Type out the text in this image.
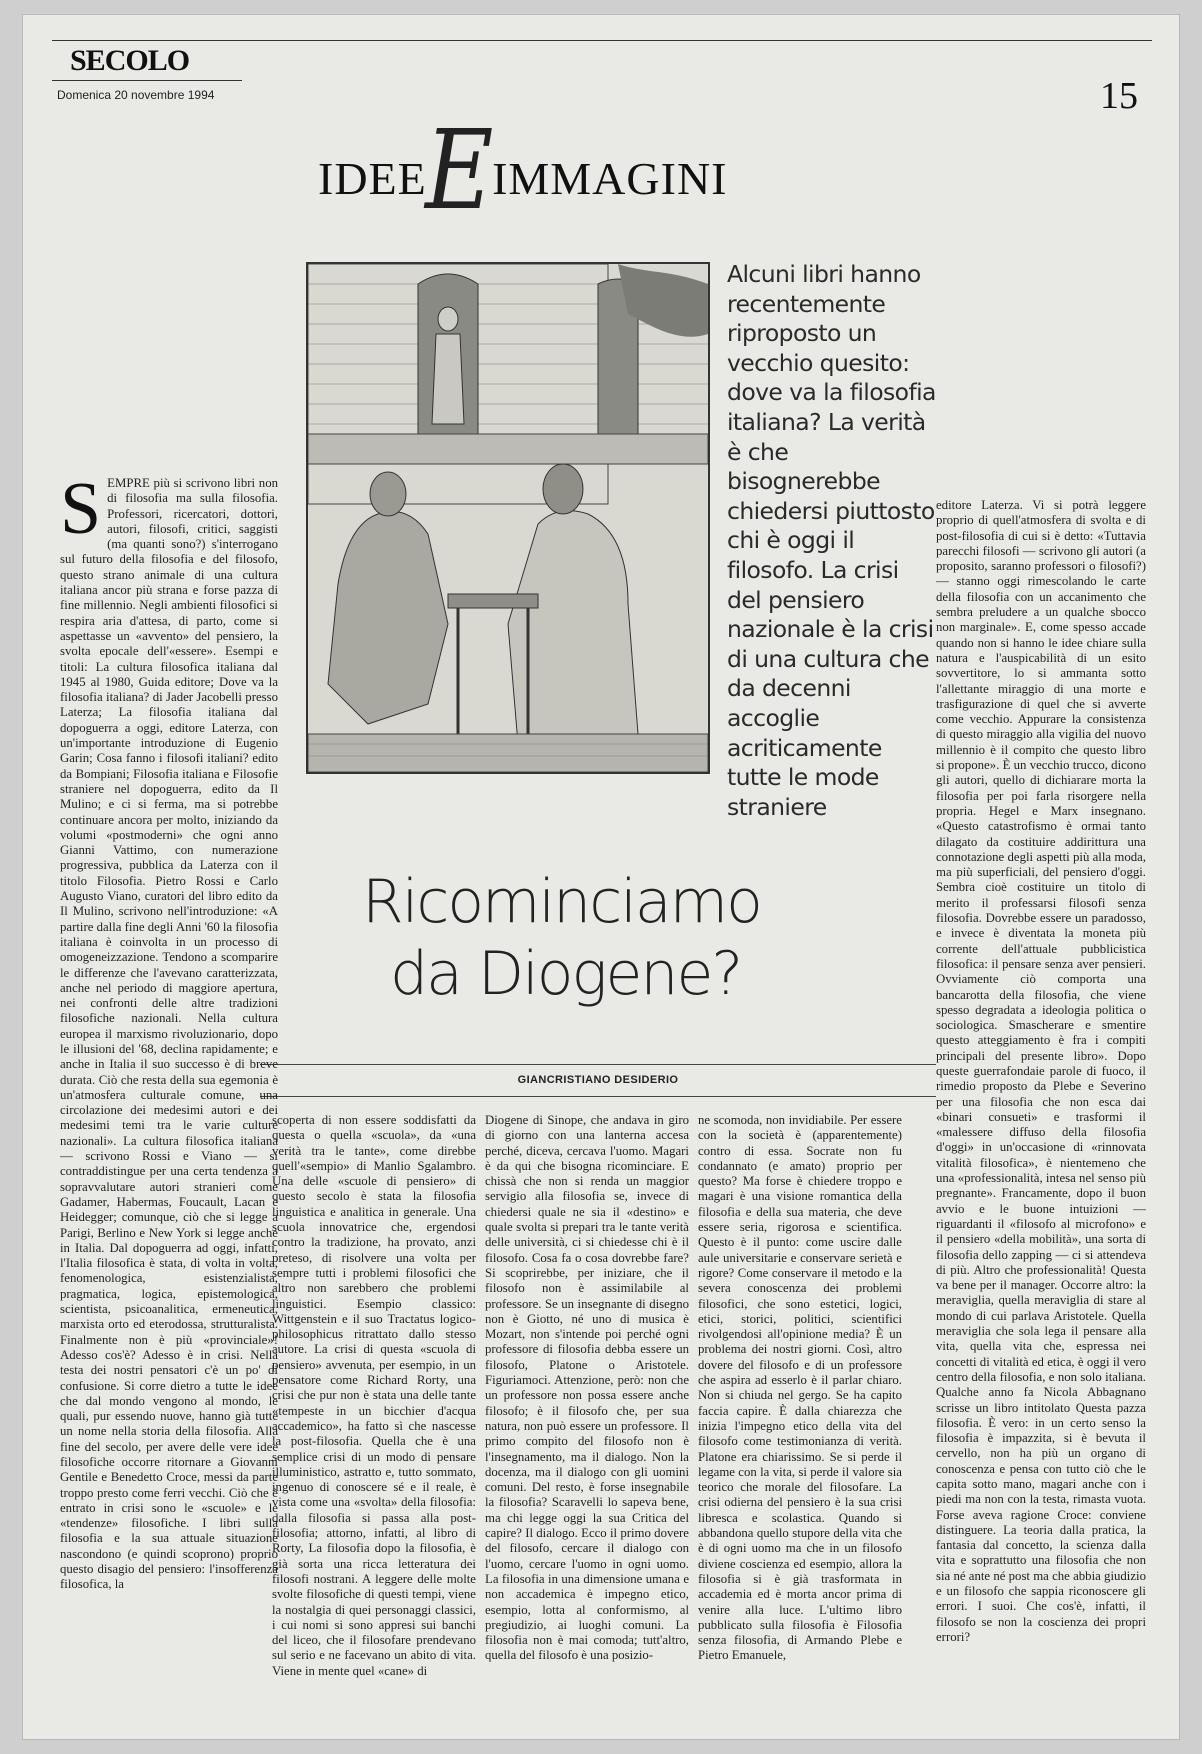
SECOLO
Domenica 20 novembre 1994
IDEEEIMMAGINI
15
Alcuni libri hanno recentemente riproposto un vecchio quesito: dove va la filosofia italiana? La verità è che bisognerebbe chiedersi piuttosto chi è oggi il filosofo. La crisi del pensiero nazionale è la crisi di una cultura che da decenni accoglie acriticamente tutte le mode straniere
Ricominciamo
da Diogene?
GIANCRISTIANO DESIDERIO
S EMPRE più si scrivono libri non di filosofia ma sulla filosofia. Professori, ricercatori, dottori, autori, filosofi, critici, saggisti (ma quanti sono?) s'interrogano sul futuro della filosofia e del filosofo, questo strano animale di una cultura italiana ancor più strana e forse pazza di fine millennio. Negli ambienti filosofici si respira aria d'attesa, di parto, come si aspettasse un «avvento» del pensiero, la svolta epocale dell'«essere». Esempi e titoli: La cultura filosofica italiana dal 1945 al 1980, Guida editore; Dove va la filosofia italiana? di Jader Jacobelli presso Laterza; La filosofia italiana dal dopoguerra a oggi, editore Laterza, con un'importante introduzione di Eugenio Garin; Cosa fanno i filosofi italiani? edito da Bompiani; Filosofia italiana e Filosofie straniere nel dopoguerra, edito da Il Mulino; e ci si ferma, ma si potrebbe continuare ancora per molto, iniziando da volumi «postmoderni» che ogni anno Gianni Vattimo, con numerazione progressiva, pubblica da Laterza con il titolo Filosofia. Pietro Rossi e Carlo Augusto Viano, curatori del libro edito da Il Mulino, scrivono nell'introduzione: «A partire dalla fine degli Anni '60 la filosofia italiana è coinvolta in un processo di omogeneizzazione. Tendono a scomparire le differenze che l'avevano caratterizzata, anche nel periodo di maggiore apertura, nei confronti delle altre tradizioni filosofiche nazionali. Nella cultura europea il marxismo rivoluzionario, dopo le illusioni del '68, declina rapidamente; e anche in Italia il suo successo è di breve durata. Ciò che resta della sua egemonia è un'atmosfera culturale comune, una circolazione dei medesimi autori e dei medesimi temi tra le varie culture nazionali». La cultura filosofica italiana — scrivono Rossi e Viano — si contraddistingue per una certa tendenza a sopravvalutare autori stranieri come Gadamer, Habermas, Foucault, Lacan e Heidegger; comunque, ciò che si legge a Parigi, Berlino e New York si legge anche in Italia. Dal dopoguerra ad oggi, infatti, l'Italia filosofica è stata, di volta in volta, fenomenologica, esistenzialista, pragmatica, logica, epistemologica, scientista, psicoanalitica, ermeneutica, marxista orto ed eterodossa, strutturalista. Finalmente non è più «provinciale»! Adesso cos'è? Adesso è in crisi. Nella testa dei nostri pensatori c'è un po' di confusione. Si corre dietro a tutte le idee che dal mondo vengono al mondo, le quali, pur essendo nuove, hanno già tutte un nome nella storia della filosofia. Alla fine del secolo, per avere delle vere idee filosofiche occorre ritornare a Giovanni Gentile e Benedetto Croce, messi da parte troppo presto come ferri vecchi. Ciò che è entrato in crisi sono le «scuole» e le «tendenze» filosofiche. I libri sulla filosofia e la sua attuale situazione nascondono (e quindi scoprono) proprio questo disagio del pensiero: l'insofferenza filosofica, la

scoperta di non essere soddisfatti da questa o quella «scuola», da «una verità tra le tante», come direbbe quell'«sempio» di Manlio Sgalambro. Una delle «scuole di pensiero» di questo secolo è stata la filosofia linguistica e analitica in generale. Una scuola innovatrice che, ergendosi contro la tradizione, ha provato, anzi preteso, di risolvere una volta per sempre tutti i problemi filosofici che altro non sarebbero che problemi linguistici. Esempio classico: Wittgenstein e il suo Tractatus logico-philosophicus ritrattato dallo stesso autore. La crisi di questa «scuola di pensiero» avvenuta, per esempio, in un pensatore come Richard Rorty, una crisi che pur non è stata una delle tante «tempeste in un bicchier d'acqua accademico», ha fatto sì che nascesse la post-filosofia. Quella che è una semplice crisi di un modo di pensare illuministico, astratto e, tutto sommato, ingenuo di conoscere sé e il reale, è vista come una «svolta» della filosofia: dalla filosofia si passa alla post-filosofia; attorno, infatti, al libro di Rorty, La filosofia dopo la filosofia, è già sorta una ricca letteratura dei filosofi nostrani. A leggere delle molte svolte filosofiche di questi tempi, viene la nostalgia di quei personaggi classici, i cui nomi si sono appresi sui banchi del liceo, che il filosofare prendevano sul serio e ne facevano un abito di vita. Viene in mente quel «cane» di

Diogene di Sinope, che andava in giro di giorno con una lanterna accesa perché, diceva, cercava l'uomo. Magari è da qui che bisogna ricominciare. E chissà che non si renda un maggior servigio alla filosofia se, invece di chiedersi quale ne sia il «destino» e quale svolta si prepari tra le tante verità delle università, ci si chiedesse chi è il filosofo. Cosa fa o cosa dovrebbe fare? Si scoprirebbe, per iniziare, che il filosofo non è assimilabile al professore. Se un insegnante di disegno non è Giotto, né uno di musica è Mozart, non s'intende poi perché ogni professore di filosofia debba essere un filosofo, Platone o Aristotele. Figuriamoci. Attenzione, però: non che un professore non possa essere anche filosofo; è il filosofo che, per sua natura, non può essere un professore. Il primo compito del filosofo non è l'insegnamento, ma il dialogo. Non la docenza, ma il dialogo con gli uomini comuni. Del resto, è forse insegnabile la filosofia? Scaravelli lo sapeva bene, ma chi legge oggi la sua Critica del capire? Il dialogo. Ecco il primo dovere del filosofo, cercare il dialogo con l'uomo, cercare l'uomo in ogni uomo. La filosofia in una dimensione umana e non accademica è impegno etico, esempio, lotta al conformismo, al pregiudizio, ai luoghi comuni. La filosofia non è mai comoda; tutt'altro, quella del filosofo è una posizio-

ne scomoda, non invidiabile. Per essere con la società è (apparentemente) contro di essa. Socrate non fu condannato (e amato) proprio per questo? Ma forse è chiedere troppo e magari è una visione romantica della filosofia e della sua materia, che deve essere seria, rigorosa e scientifica. Questo è il punto: come uscire dalle aule universitarie e conservare serietà e rigore? Come conservare il metodo e la severa conoscenza dei problemi filosofici, che sono estetici, logici, etici, storici, politici, scientifici rivolgendosi all'opinione media? È un problema dei nostri giorni. Così, altro dovere del filosofo e di un professore che aspira ad esserlo è il parlar chiaro. Non si chiuda nel gergo. Se ha capito faccia capire. È dalla chiarezza che inizia l'impegno etico della vita del filosofo come testimonianza di verità. Platone era chiarissimo. Se si perde il legame con la vita, si perde il valore sia teorico che morale del filosofare. La crisi odierna del pensiero è la sua crisi libresca e scolastica. Quando si abbandona quello stupore della vita che è di ogni uomo ma che in un filosofo diviene coscienza ed esempio, allora la filosofia si è già trasformata in accademia ed è morta ancor prima di venire alla luce. L'ultimo libro pubblicato sulla filosofia è Filosofia senza filosofia, di Armando Plebe e Pietro Emanuele,

editore Laterza. Vi si potrà leggere proprio di quell'atmosfera di svolta e di post-filosofia di cui si è detto: «Tuttavia parecchi filosofi — scrivono gli autori (a proposito, saranno professori o filosofi?) — stanno oggi rimescolando le carte della filosofia con un accanimento che sembra preludere a un qualche sbocco non marginale». E, come spesso accade quando non si hanno le idee chiare sulla natura e l'auspicabilità di un esito sovvertitore, lo si ammanta sotto l'allettante miraggio di una morte e trasfigurazione di quel che si avverte come vecchio. Appurare la consistenza di questo miraggio alla vigilia del nuovo millennio è il compito che questo libro si propone». È un vecchio trucco, dicono gli autori, quello di dichiarare morta la filosofia per poi farla risorgere nella propria. Hegel e Marx insegnano. «Questo catastrofismo è ormai tanto dilagato da costituire addirittura una connotazione degli aspetti più alla moda, ma più superficiali, del pensiero d'oggi. Sembra cioè costituire un titolo di merito il professarsi filosofi senza filosofia. Dovrebbe essere un paradosso, e invece è diventata la moneta più corrente dell'attuale pubblicistica filosofica: il pensare senza aver pensieri. Ovviamente ciò comporta una bancarotta della filosofia, che viene spesso degradata a ideologia politica o sociologica. Smascherare e smentire questo atteggiamento è fra i compiti principali del presente libro». Dopo queste guerrafondaie parole di fuoco, il rimedio proposto da Plebe e Severino per una filosofia che non esca dai «binari consueti» e trasformi il «malessere diffuso della filosofia d'oggi» in un'occasione di «rinnovata vitalità filosofica», è nientemeno che una «professionalità, intesa nel senso più pregnante». Francamente, dopo il buon avvio e le buone intuizioni — riguardanti il «filosofo al microfono» e il pensiero «della mobilità», una sorta di filosofia dello zapping — ci si attendeva di più. Altro che professionalità! Questa va bene per il manager. Occorre altro: la meraviglia, quella meraviglia di stare al mondo di cui parlava Aristotele. Quella meraviglia che sola lega il pensare alla vita, quella vita che, espressa nei concetti di vitalità ed etica, è oggi il vero centro della filosofia, e non solo italiana. Qualche anno fa Nicola Abbagnano scrisse un libro intitolato Questa pazza filosofia. È vero: in un certo senso la filosofia è impazzita, si è bevuta il cervello, non ha più un organo di conoscenza e pensa con tutto ciò che le capita sotto mano, magari anche con i piedi ma non con la testa, rimasta vuota. Forse aveva ragione Croce: conviene distinguere. La teoria dalla pratica, la fantasia dal concetto, la scienza dalla vita e soprattutto una filosofia che non sia né ante né post ma che abbia giudizio e un filosofo che sappia riconoscere gli errori. I suoi. Che cos'è, infatti, il filosofo se non la coscienza dei propri errori?
